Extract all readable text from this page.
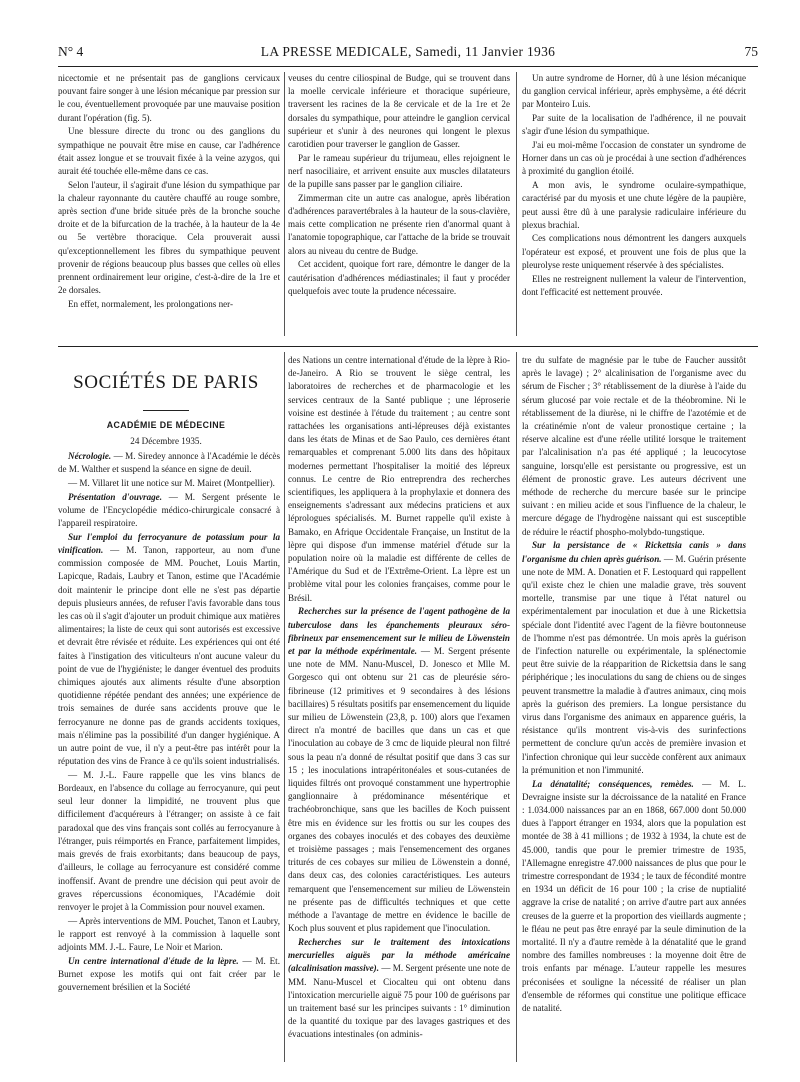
N° 4	LA PRESSE MEDICALE, Samedi, 11 Janvier 1936	75

nicectomie et ne présentait pas de ganglions cervicaux pouvant faire songer à une lésion mécanique par pression sur le cou, éventuellement provoquée par une mauvaise position durant l'opération (fig. 5).

Une blessure directe du tronc ou des ganglions du sympathique ne pouvait être mise en cause, car l'adhérence était assez longue et se trouvait fixée à la veine azygos, qui aurait été touchée elle-même dans ce cas.

Selon l'auteur, il s'agirait d'une lésion du sympathique par la chaleur rayonnante du cautère chauffé au rouge sombre, après section d'une bride située près de la bronche souche droite et de la bifurcation de la trachée, à la hauteur de la 4e ou 5e vertèbre thoracique. Cela prouverait aussi qu'exceptionnellement les fibres du sympathique peuvent provenir de régions beaucoup plus basses que celles où elles prennent ordinairement leur origine, c'est-à-dire de la 1re et 2e dorsales.

En effet, normalement, les prolongations ner-

veuses du centre ciliospinal de Budge, qui se trouvent dans la moelle cervicale inférieure et thoracique supérieure, traversent les racines de la 8e cervicale et de la 1re et 2e dorsales du sympathique, pour atteindre le ganglion cervical supérieur et s'unir à des neurones qui longent le plexus carotidien pour traverser le ganglion de Gasser.

Par le rameau supérieur du trijumeau, elles rejoignent le nerf nasociliaire, et arrivent ensuite aux muscles dilatateurs de la pupille sans passer par le ganglion ciliaire.

Zimmerman cite un autre cas analogue, après libération d'adhérences paravertébrales à la hauteur de la sous-clavière, mais cette complication ne présente rien d'anormal quant à l'anatomie topographique, car l'attache de la bride se trouvait alors au niveau du centre de Budge.

Cet accident, quoique fort rare, démontre le danger de la cautérisation d'adhérences médiastinales; il faut y procéder quelquefois avec toute la prudence nécessaire.

Un autre syndrome de Horner, dû à une lésion mécanique du ganglion cervical inférieur, après emphysème, a été décrit par Monteiro Luis.

Par suite de la localisation de l'adhérence, il ne pouvait s'agir d'une lésion du sympathique.

J'ai eu moi-même l'occasion de constater un syndrome de Horner dans un cas où je procédai à une section d'adhérences à proximité du ganglion étoilé.

A mon avis, le syndrome oculaire-sympathique, caractérisé par du myosis et une chute légère de la paupière, peut aussi être dû à une paralysie radiculaire inférieure du plexus brachial.

Ces complications nous démontrent les dangers auxquels l'opérateur est exposé, et prouvent une fois de plus que la pleurolyse reste uniquement réservée à des spécialistes.

Elles ne restreignent nullement la valeur de l'intervention, dont l'efficacité est nettement prouvée.

SOCIÉTÉS DE PARIS
ACADÉMIE DE MÉDECINE
24 Décembre 1935.

Nécrologie. — M. Siredey annonce à l'Académie le décès de M. Walther et suspend la séance en signe de deuil.

— M. Villaret lit une notice sur M. Mairet (Montpellier).

Présentation d'ouvrage. — M. Sergent présente le volume de l'Encyclopédie médico-chirurgicale consacré à l'appareil respiratoire.

Sur l'emploi du ferrocyanure de potassium pour la vinification. — M. Tanon, rapporteur, au nom d'une commission composée de MM. Pouchet, Louis Martin, Lapicque, Radais, Laubry et Tanon, estime que l'Académie doit maintenir le principe dont elle ne s'est pas départie depuis plusieurs années, de refuser l'avis favorable dans tous les cas où il s'agit d'ajouter un produit chimique aux matières alimentaires; la liste de ceux qui sont autorisés est excessive et devrait être révisée et réduite. Les expériences qui ont été faites à l'instigation des viticulteurs n'ont aucune valeur du point de vue de l'hygiéniste; le danger éventuel des produits chimiques ajoutés aux aliments résulte d'une absorption quotidienne répétée pendant des années; une expérience de trois semaines de durée sans accidents prouve que le ferrocyanure ne donne pas de grands accidents toxiques, mais n'élimine pas la possibilité d'un danger hygiénique. A un autre point de vue, il n'y a peut-être pas intérêt pour la réputation des vins de France à ce qu'ils soient industrialisés.

— M. J.-L. Faure rappelle que les vins blancs de Bordeaux, en l'absence du collage au ferrocyanure, qui peut seul leur donner la limpidité, ne trouvent plus que difficilement d'acquéreurs à l'étranger; on assiste à ce fait paradoxal que des vins français sont collés au ferrocyanure à l'étranger, puis réimportés en France, parfaitement limpides, mais grevés de frais exorbitants; dans beaucoup de pays, d'ailleurs, le collage au ferrocyanure est considéré comme inoffensif. Avant de prendre une décision qui peut avoir de graves répercussions économiques, l'Académie doit renvoyer le projet à la Commission pour nouvel examen.

— Après interventions de MM. Pouchet, Tanon et Laubry, le rapport est renvoyé à la commission à laquelle sont adjoints MM. J.-L. Faure, Le Noir et Marion.

Un centre international d'étude de la lèpre. — M. Et. Burnet expose les motifs qui ont fait créer par le gouvernement brésilien et la Société

des Nations un centre international d'étude de la lèpre à Rio-de-Janeiro. A Rio se trouvent le siège central, les laboratoires de recherches et de pharmacologie et les services centraux de la Santé publique ; une léproserie voisine est destinée à l'étude du traitement ; au centre sont rattachées les organisations anti-lépreuses déjà existantes dans les états de Minas et de Sao Paulo, ces dernières étant remarquables et comprenant 5.000 lits dans des hôpitaux modernes permettant l'hospitaliser la moitié des lépreux connus. Le centre de Rio entreprendra des recherches scientifiques, les appliquera à la prophylaxie et donnera des enseignements s'adressant aux médecins praticiens et aux léprologues spécialisés. M. Burnet rappelle qu'il existe à Bamako, en Afrique Occidentale Française, un Institut de la lèpre qui dispose d'un immense matériel d'étude sur la population noire où la maladie est différente de celles de l'Amérique du Sud et de l'Extrême-Orient. La lèpre est un problème vital pour les colonies françaises, comme pour le Brésil.

Recherches sur la présence de l'agent pathogène de la tuberculose dans les épanchements pleuraux séro-fibrineux par ensemencement sur le milieu de Löwenstein et par la méthode expérimentale. — M. Sergent présente une note de MM. Nanu-Muscel, D. Jonesco et Mlle M. Gorgesco qui ont obtenu sur 21 cas de pleurésie séro-fibrineuse (12 primitives et 9 secondaires à des lésions bacillaires) 5 résultats positifs par ensemencement du liquide sur milieu de Löwenstein (23,8, p. 100) alors que l'examen direct n'a montré de bacilles que dans un cas et que l'inoculation au cobaye de 3 cmc de liquide pleural non filtré sous la peau n'a donné de résultat positif que dans 3 cas sur 15 ; les inoculations intrapéritonéales et sous-cutanées de liquides filtrés ont provoqué constamment une hypertrophie ganglionnaire à prédominance mésentérique et trachéobronchique, sans que les bacilles de Koch puissent être mis en évidence sur les frottis ou sur les coupes des organes des cobayes inoculés et des cobayes des deuxième et troisième passages ; mais l'ensemencement des organes triturés de ces cobayes sur milieu de Löwenstein a donné, dans deux cas, des colonies caractéristiques. Les auteurs remarquent que l'ensemencement sur milieu de Löwenstein ne présente pas de difficultés techniques et que cette méthode a l'avantage de mettre en évidence le bacille de Koch plus souvent et plus rapidement que l'inoculation.

Recherches sur le traitement des intoxications mercurielles aiguës par la méthode américaine (alcalinisation massive). — M. Sergent présente une note de MM. Nanu-Muscel et Ciocalteu qui ont obtenu dans l'intoxication mercurielle aiguë 75 pour 100 de guérisons par un traitement basé sur les principes suivants : 1° diminution de la quantité du toxique par des lavages gastriques et des évacuations intestinales (on adminis-

tre du sulfate de magnésie par le tube de Faucher aussitôt après le lavage) ; 2° alcalinisation de l'organisme avec du sérum de Fischer ; 3° rétablissement de la diurèse à l'aide du sérum glucosé par voie rectale et de la théobromine. Ni le rétablissement de la diurèse, ni le chiffre de l'azotémie et de la créatinémie n'ont de valeur pronostique certaine ; la réserve alcaline est d'une réelle utilité lorsque le traitement par l'alcalinisation n'a pas été appliqué ; la leucocytose sanguine, lorsqu'elle est persistante ou progressive, est un élément de pronostic grave. Les auteurs décrivent une méthode de recherche du mercure basée sur le principe suivant : en milieu acide et sous l'influence de la chaleur, le mercure dégage de l'hydrogène naissant qui est susceptible de réduire le réactif phospho-molybdo-tungstique.

Sur la persistance de « Rickettsia canis » dans l'organisme du chien après guérison. — M. Guérin présente une note de MM. A. Donatien et F. Lestoquard qui rappellent qu'il existe chez le chien une maladie grave, très souvent mortelle, transmise par une tique à l'état naturel ou expérimentalement par inoculation et due à une Rickettsia spéciale dont l'identité avec l'agent de la fièvre boutonneuse de l'homme n'est pas démontrée. Un mois après la guérison de l'infection naturelle ou expérimentale, la splénectomie peut être suivie de la réapparition de Rickettsia dans le sang périphérique ; les inoculations du sang de chiens ou de singes peuvent transmettre la maladie à d'autres animaux, cinq mois après la guérison des premiers. La longue persistance du virus dans l'organisme des animaux en apparence guéris, la résistance qu'ils montrent vis-à-vis des surinfections permettent de conclure qu'un accès de première invasion et l'infection chronique qui leur succède confèrent aux animaux la prémunition et non l'immunité.

La dénatalité; conséquences, remèdes. — M. L. Devraigne insiste sur la décroissance de la natalité en France : 1.034.000 naissances par an en 1868, 667.000 dont 50.000 dues à l'apport étranger en 1934, alors que la population est montée de 38 à 41 millions ; de 1932 à 1934, la chute est de 45.000, tandis que pour le premier trimestre de 1935, l'Allemagne enregistre 47.000 naissances de plus que pour le trimestre correspondant de 1934 ; le taux de fécondité montre en 1934 un déficit de 16 pour 100 ; la crise de nuptialité aggrave la crise de natalité ; on arrive d'autre part aux années creuses de la guerre et la proportion des vieillards augmente ; le fléau ne peut pas être enrayé par la seule diminution de la mortalité. Il n'y a d'autre remède à la dénatalité que le grand nombre des familles nombreuses : la moyenne doit être de trois enfants par ménage. L'auteur rappelle les mesures préconisées et souligne la nécessité de réaliser un plan d'ensemble de réformes qui constitue une politique efficace de natalité.
